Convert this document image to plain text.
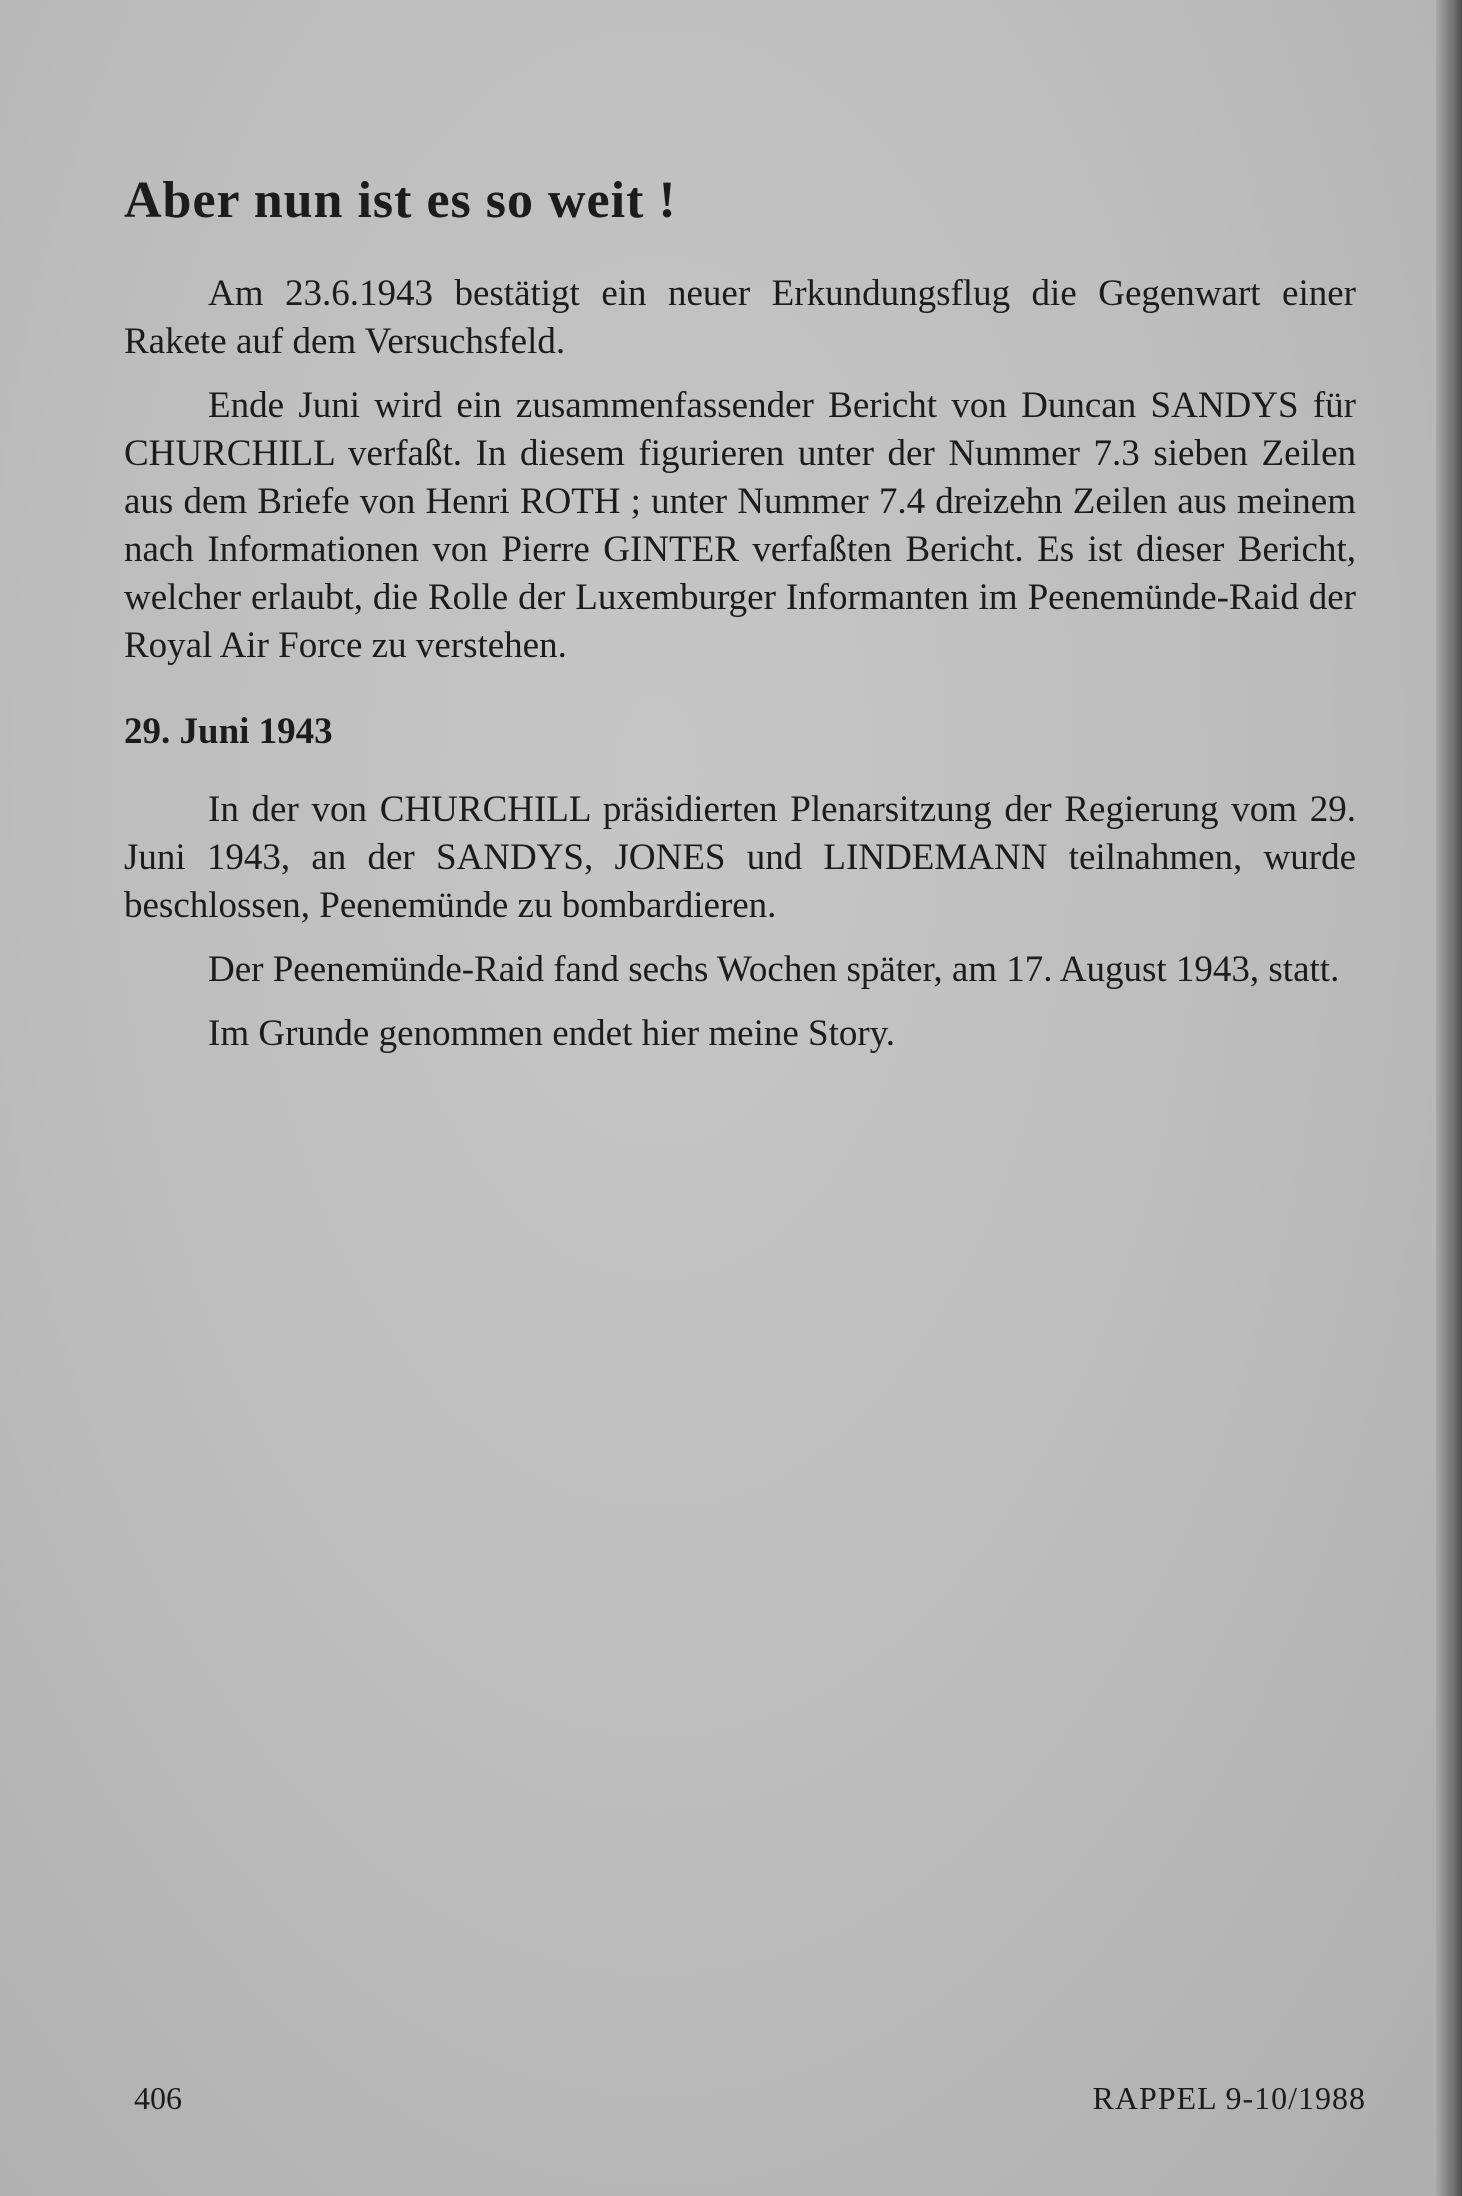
Aber nun ist es so weit !

Am 23.6.1943 bestätigt ein neuer Erkundungsflug die Gegenwart einer Rakete auf dem Versuchsfeld.

Ende Juni wird ein zusammenfassender Bericht von Duncan SANDYS für CHURCHILL verfaßt. In diesem figurieren unter der Nummer 7.3 sieben Zeilen aus dem Briefe von Henri ROTH ; unter Nummer 7.4 dreizehn Zeilen aus meinem nach Informationen von Pierre GINTER verfaßten Bericht. Es ist dieser Bericht, welcher erlaubt, die Rolle der Luxemburger Informanten im Peenemünde-Raid der Royal Air Force zu verstehen.

29. Juni 1943

In der von CHURCHILL präsidierten Plenarsitzung der Regierung vom 29. Juni 1943, an der SANDYS, JONES und LINDEMANN teilnahmen, wurde beschlossen, Peenemünde zu bombardieren.

Der Peenemünde-Raid fand sechs Wochen später, am 17. August 1943, statt.

Im Grunde genommen endet hier meine Story.

406	RAPPEL 9-10/1988
